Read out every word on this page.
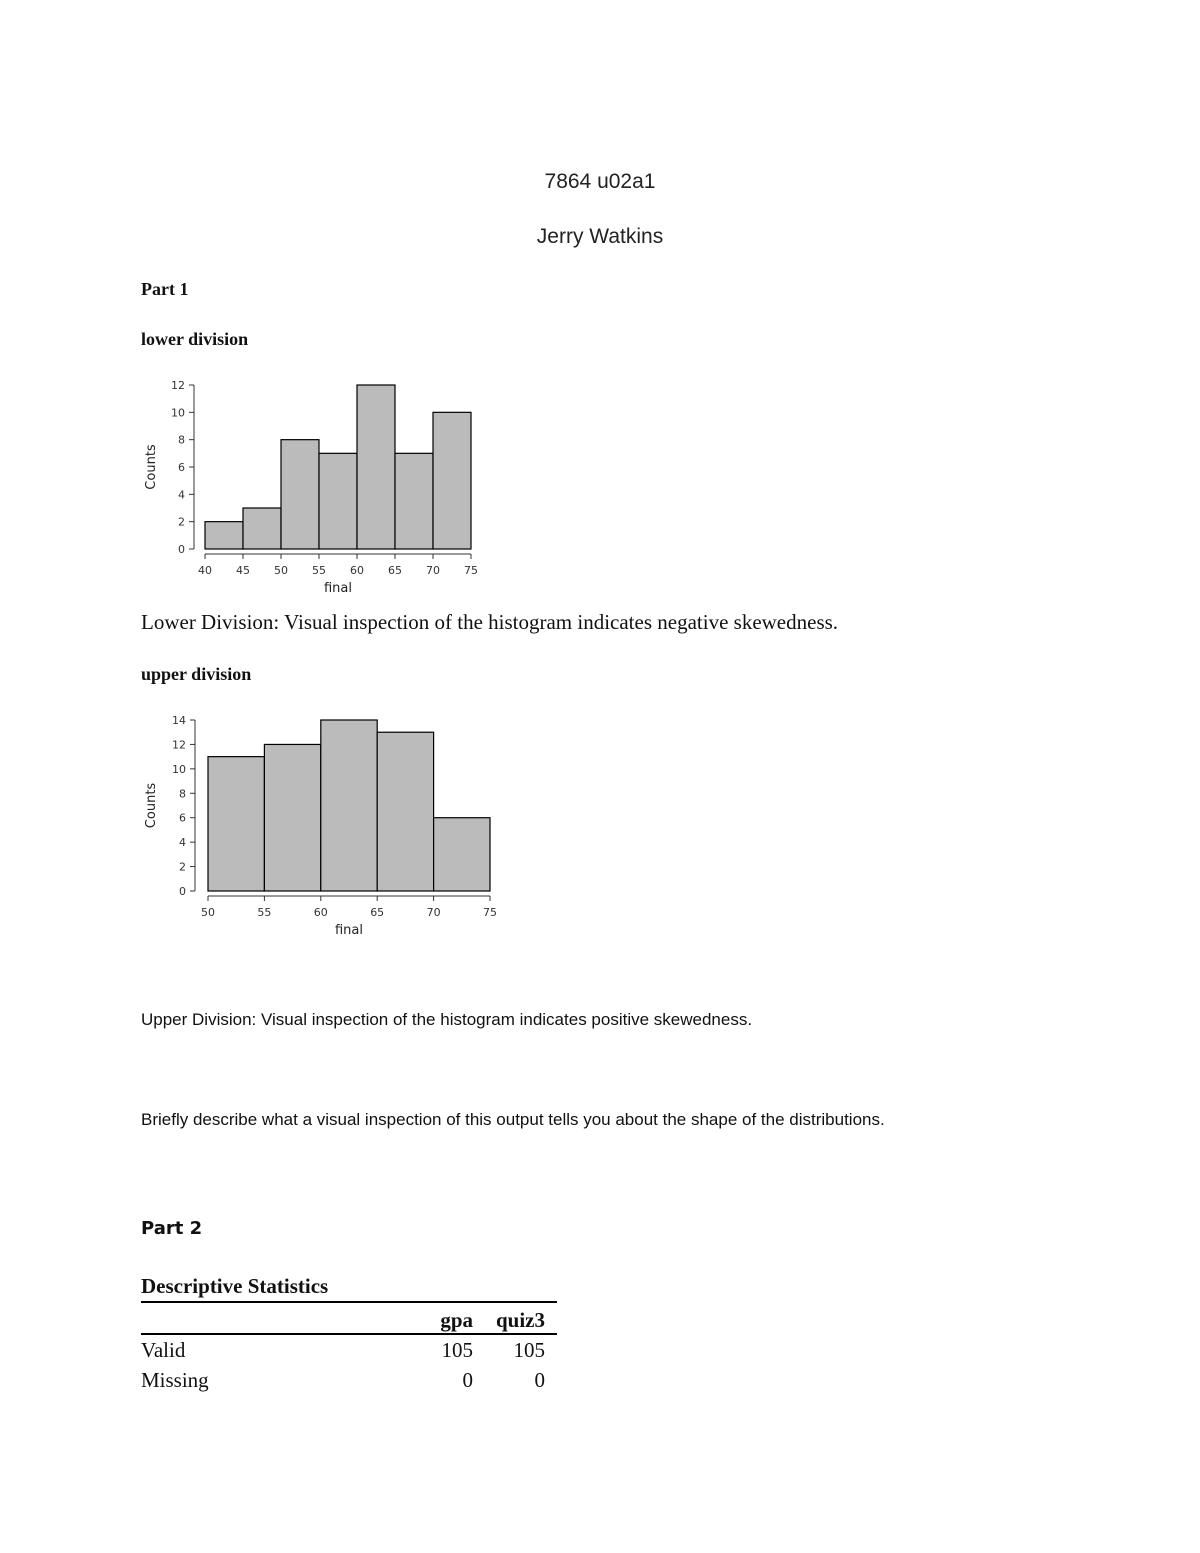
7864 u02a1
Jerry Watkins
Part 1
lower division
40 45 50 55 60 65 70 75
0
2
4
6
8
10
12
final
Counts
Lower Division: Visual inspection of the histogram indicates negative skewedness.
upper division
50	55	60	65	70	75
0
2
4
6
8
10
12
14
final
Counts
Upper Division: Visual inspection of the histogram indicates positive skewedness.
Briefly describe what a visual inspection of this output tells you about the shape of the distributions.
Part 2
Descriptive Statistics
	gpa	quiz3
Valid	105	105
Missing	0	0
